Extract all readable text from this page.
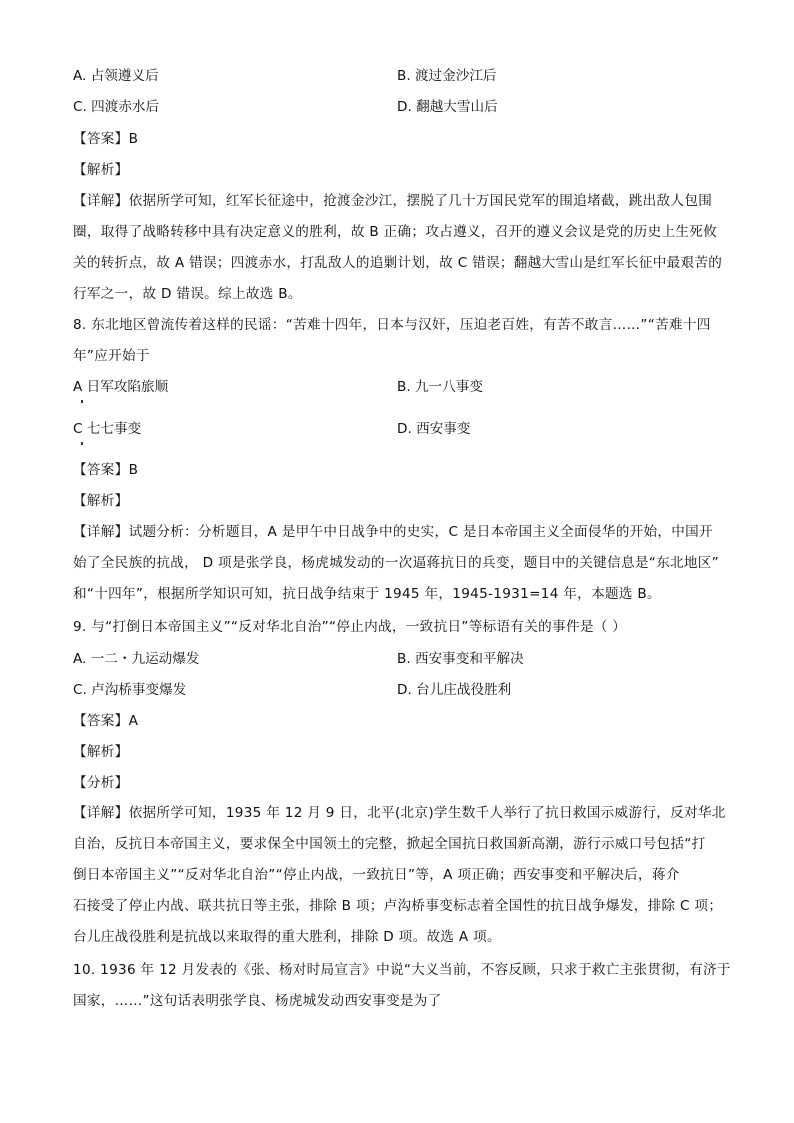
A. 占领遵义后	B. 渡过金沙江后
C. 四渡赤水后	D. 翻越大雪山后
【答案】B
【解析】
【详解】依据所学可知，红军长征途中，抢渡金沙江，摆脱了几十万国民党军的围追堵截，跳出敌人包围
圈，取得了战略转移中具有决定意义的胜利，故 B 正确；攻占遵义，召开的遵义会议是党的历史上生死攸
关的转折点，故 A 错误；四渡赤水，打乱敌人的追剿计划，故 C 错误；翻越大雪山是红军长征中最艰苦的
行军之一，故 D 错误。综上故选 B。
8. 东北地区曾流传着这样的民谣：“苦难十四年，日本与汉奸，压迫老百姓，有苦不敢言……”“苦难十四
年”应开始于
A 日军攻陷旅顺	B. 九一八事变
C 七七事变	D. 西安事变
【答案】B
【解析】
【详解】试题分析：分析题目，A 是甲午中日战争中的史实，C 是日本帝国主义全面侵华的开始，中国开
始了全民族的抗战， D 项是张学良，杨虎城发动的一次逼蒋抗日的兵变，题目中的关键信息是“东北地区”
和“十四年”，根据所学知识可知，抗日战争结束于 1945 年，1945-1931=14 年，本题选 B。
9. 与“打倒日本帝国主义”“反对华北自治”“停止内战，一致抗日”等标语有关的事件是（ ）
A. 一二・九运动爆发	B. 西安事变和平解决
C. 卢沟桥事变爆发	D. 台儿庄战役胜利
【答案】A
【解析】
【分析】
【详解】依据所学可知，1935 年 12 月 9 日，北平(北京)学生数千人举行了抗日救国示威游行，反对华北
自治，反抗日本帝国主义，要求保全中国领土的完整，掀起全国抗日救国新高潮，游行示威口号包括“打
倒日本帝国主义”“反对华北自治”“停止内战，一致抗日”等，A 项正确；西安事变和平解决后，蒋介
石接受了停止内战、联共抗日等主张，排除 B 项；卢沟桥事变标志着全国性的抗日战争爆发，排除 C 项；
台儿庄战役胜利是抗战以来取得的重大胜利，排除 D 项。故选 A 项。
10. 1936 年 12 月发表的《张、杨对时局宣言》中说“大义当前，不容反顾，只求于救亡主张贯彻，有济于
国家，……”这句话表明张学良、杨虎城发动西安事变是为了
